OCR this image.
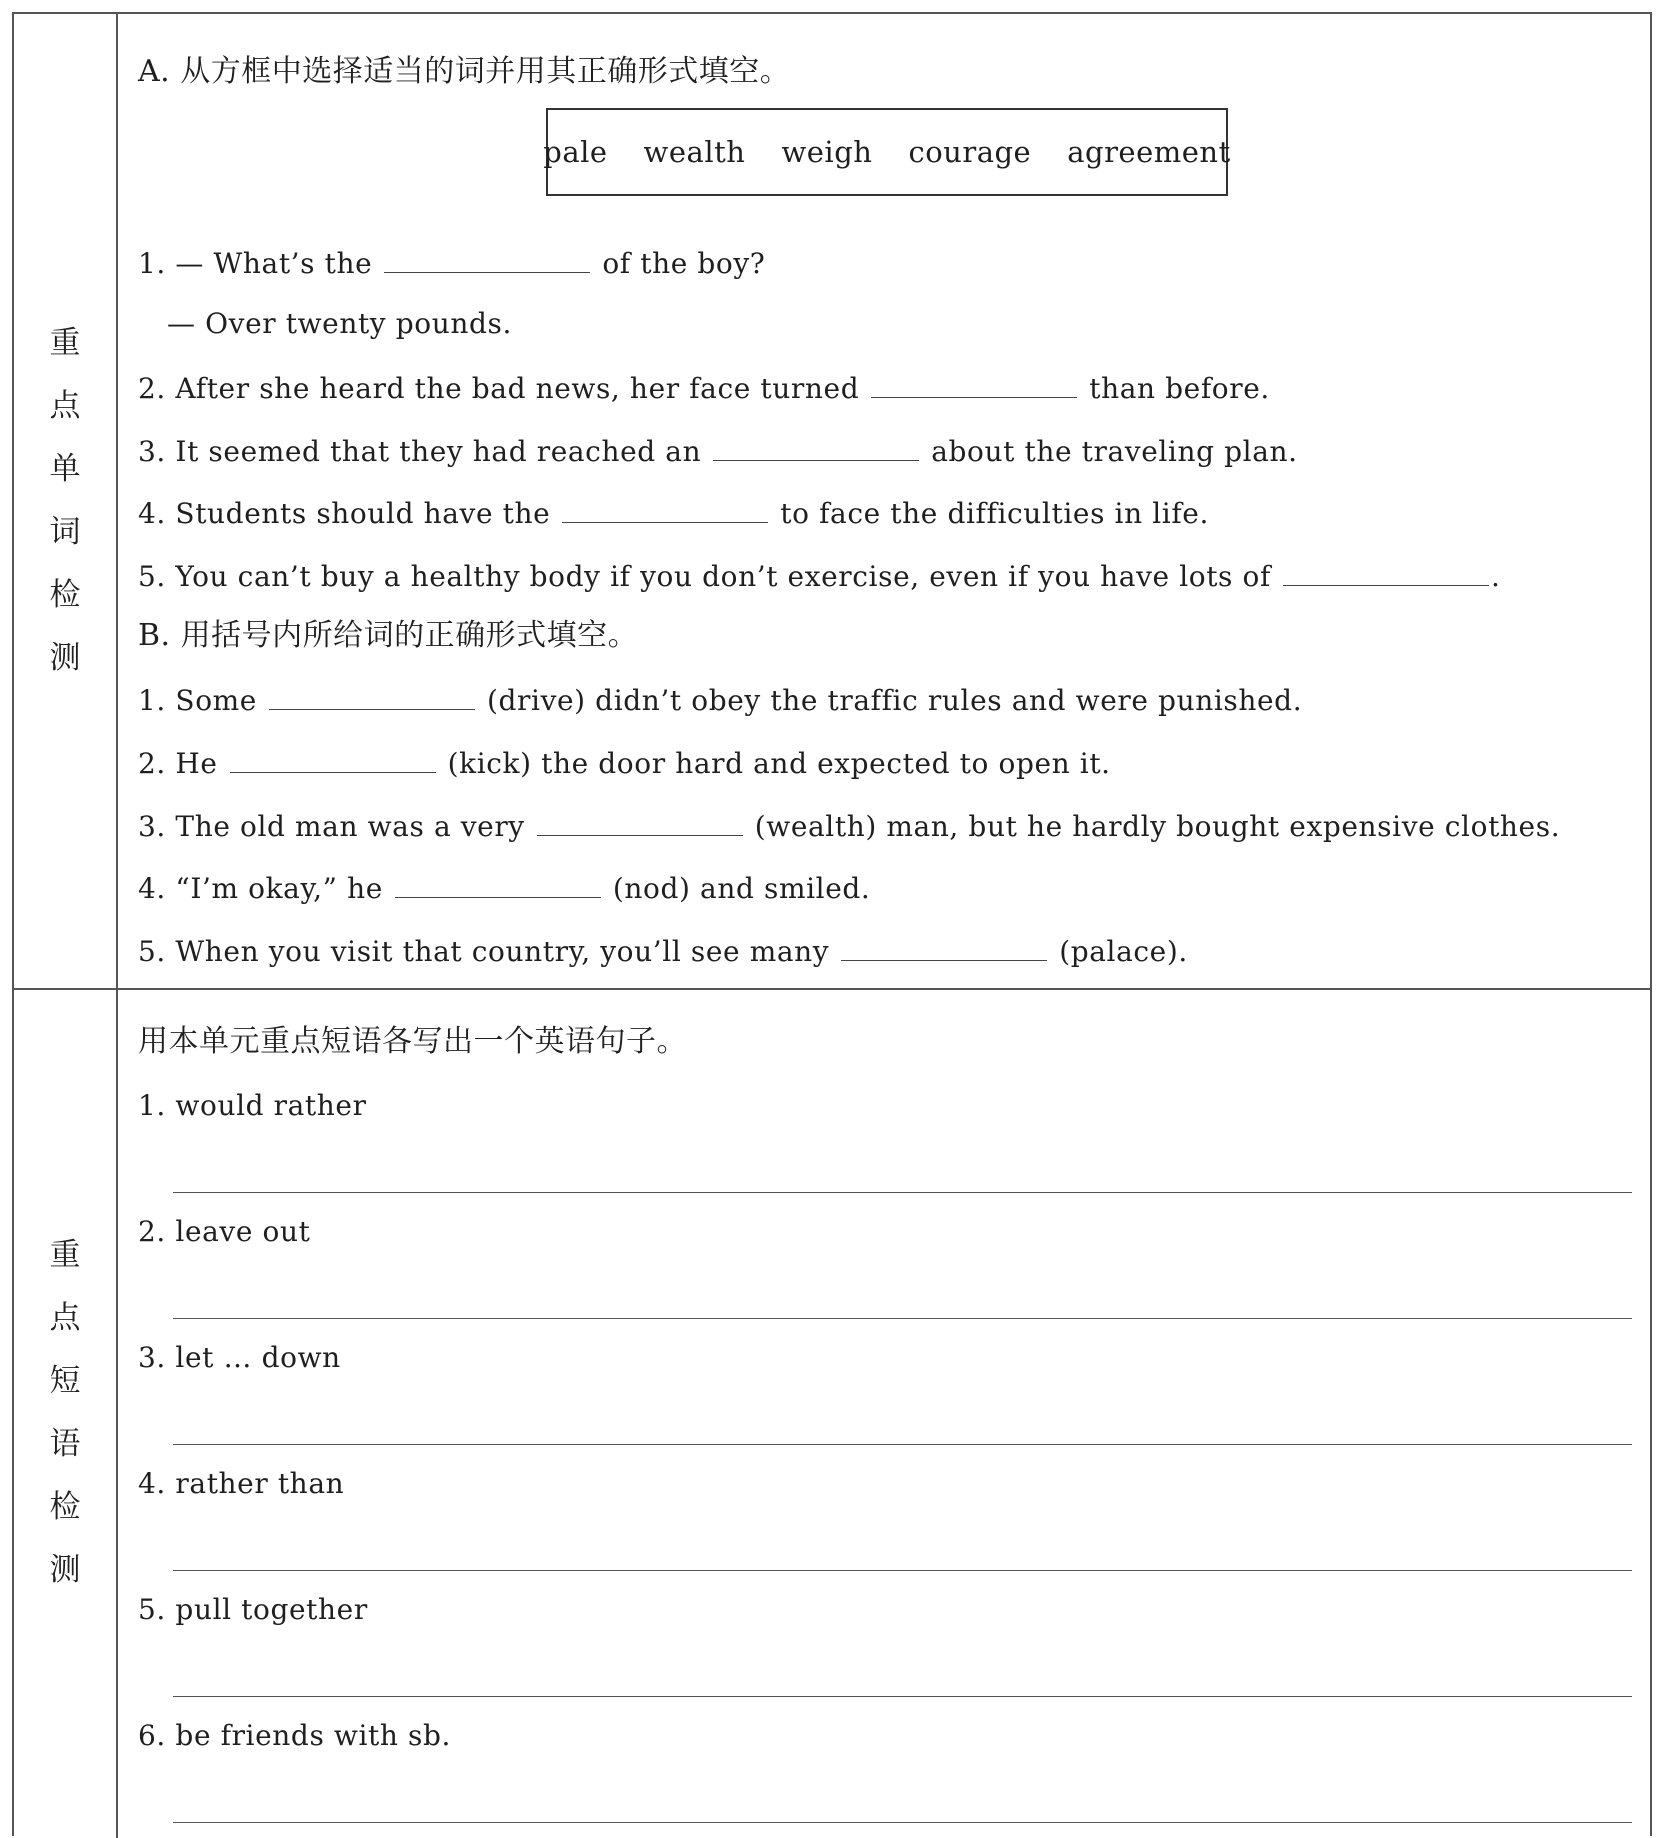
重点
单词
检测
A. 从方框中选择适当的词并用其正确形式填空。
pale wealth weigh courage agreement
1. — What’s the	of the boy?
— Over twenty pounds.
2. After she heard the bad news, her face turned	than before.
3. It seemed that they had reached an	about the traveling plan.
4. Students should have the	to face the difficulties in life.
5. You can’t buy a healthy body if you don’t exercise, even if you have lots of	.
B. 用括号内所给词的正确形式填空。
1. Some	(drive) didn’t obey the traffic rules and were punished.
2. He	(kick) the door hard and expected to open it.
3. The old man was a very	(wealth) man, but he hardly bought expensive clothes.
4. “I’m okay,” he	(nod) and smiled.
5. When you visit that country, you’ll see many	(palace).
重点
短语
检测
用本单元重点短语各写出一个英语句子。
1. would rather
2. leave out
3. let … down
4. rather than
5. pull together
6. be friends with sb.
